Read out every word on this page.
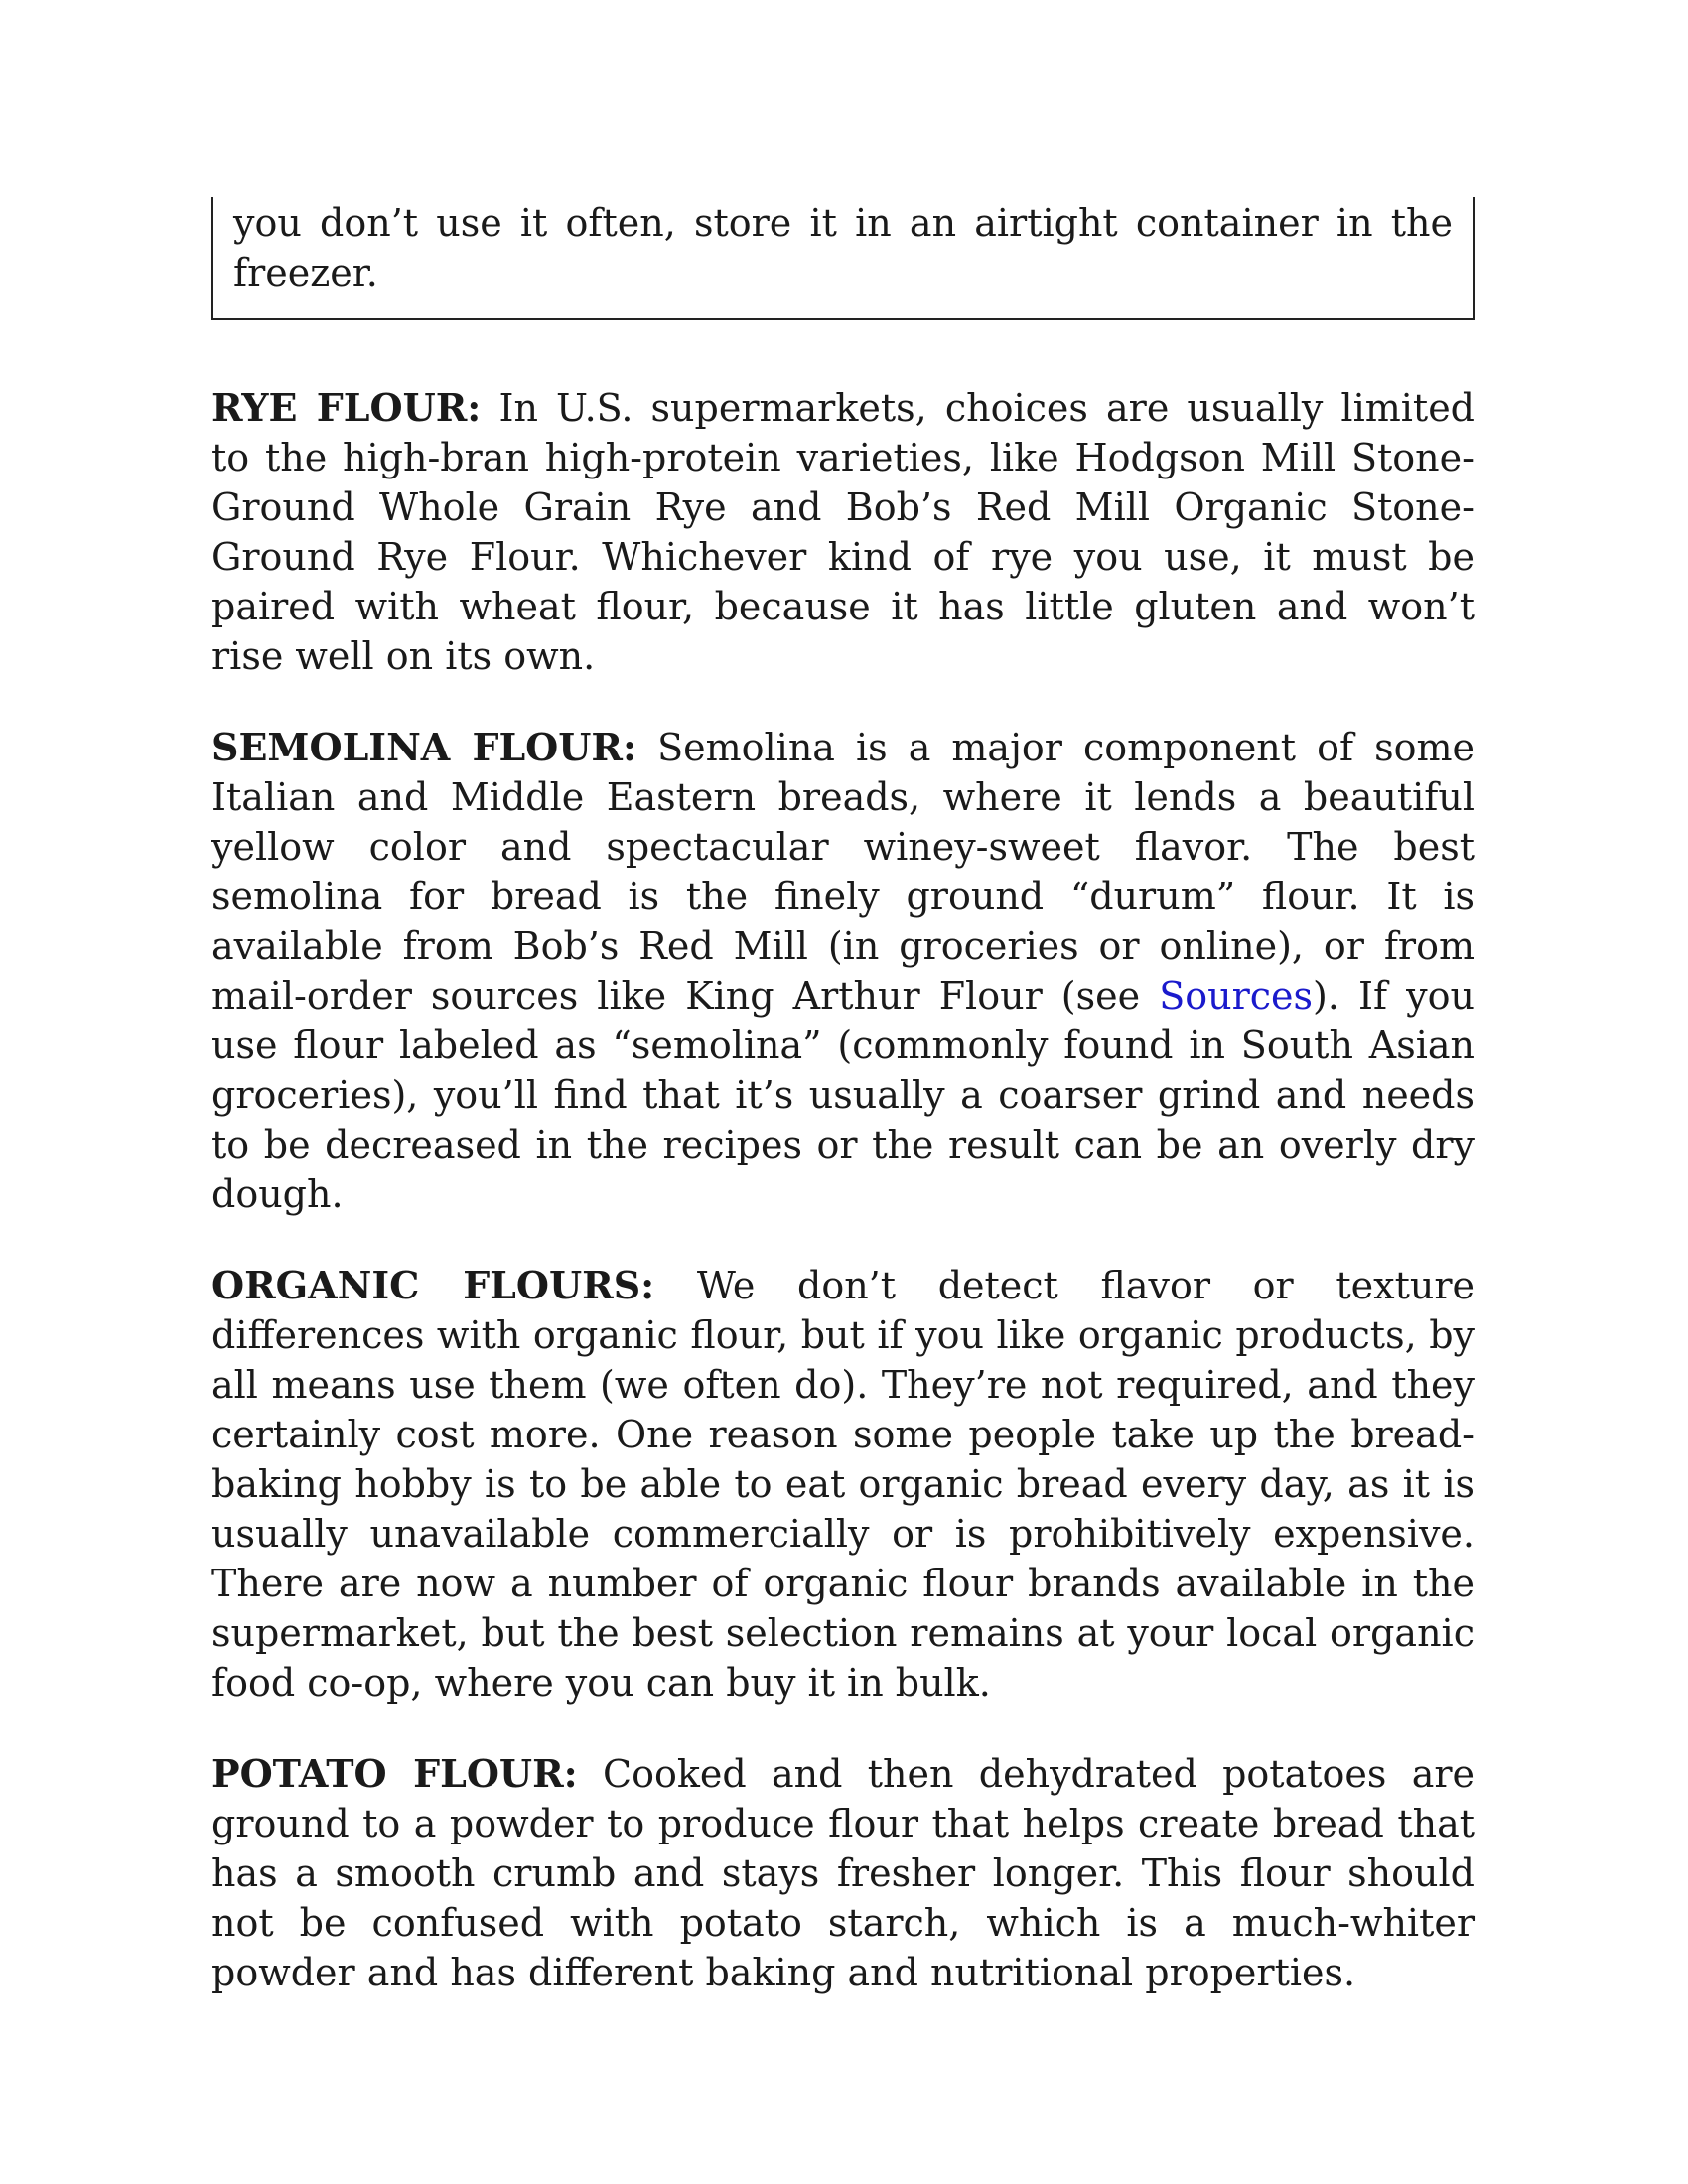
you don’t use it often, store it in an airtight container in the freezer.

RYE FLOUR: In U.S. supermarkets, choices are usually limited to the high-bran high-protein varieties, like Hodgson Mill Stone-Ground Whole Grain Rye and Bob’s Red Mill Organic Stone-Ground Rye Flour. Whichever kind of rye you use, it must be paired with wheat flour, because it has little gluten and won’t rise well on its own.

SEMOLINA FLOUR: Semolina is a major component of some Italian and Middle Eastern breads, where it lends a beautiful yellow color and spectacular winey-sweet flavor. The best semolina for bread is the finely ground “durum” flour. It is available from Bob’s Red Mill (in groceries or online), or from mail-order sources like King Arthur Flour (see Sources). If you use flour labeled as “semolina” (commonly found in South Asian groceries), you’ll find that it’s usually a coarser grind and needs to be decreased in the recipes or the result can be an overly dry dough.

ORGANIC FLOURS: We don’t detect flavor or texture differences with organic flour, but if you like organic products, by all means use them (we often do). They’re not required, and they certainly cost more. One reason some people take up the bread-baking hobby is to be able to eat organic bread every day, as it is usually unavailable commercially or is prohibitively expensive. There are now a number of organic flour brands available in the supermarket, but the best selection remains at your local organic food co-op, where you can buy it in bulk.

POTATO FLOUR: Cooked and then dehydrated potatoes are ground to a powder to produce flour that helps create bread that has a smooth crumb and stays fresher longer. This flour should not be confused with potato starch, which is a much-whiter powder and has different baking and nutritional properties.
